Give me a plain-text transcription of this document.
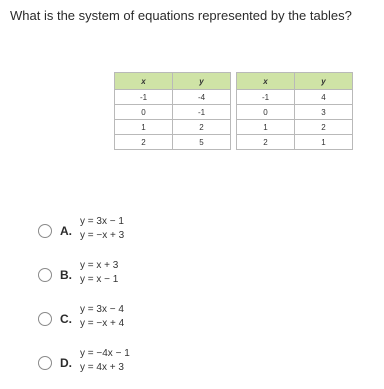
What is the system of equations represented by the tables?
x	y
-1	-4
0	-1
1	2
2	5
x	y
-1	4
0	3
1	2
2	1
A.
y = 3x − 1
y = −x + 3
B.
y = x + 3
y = x − 1
C.
y = 3x − 4
y = −x + 4
D.
y = −4x − 1
y = 4x + 3
